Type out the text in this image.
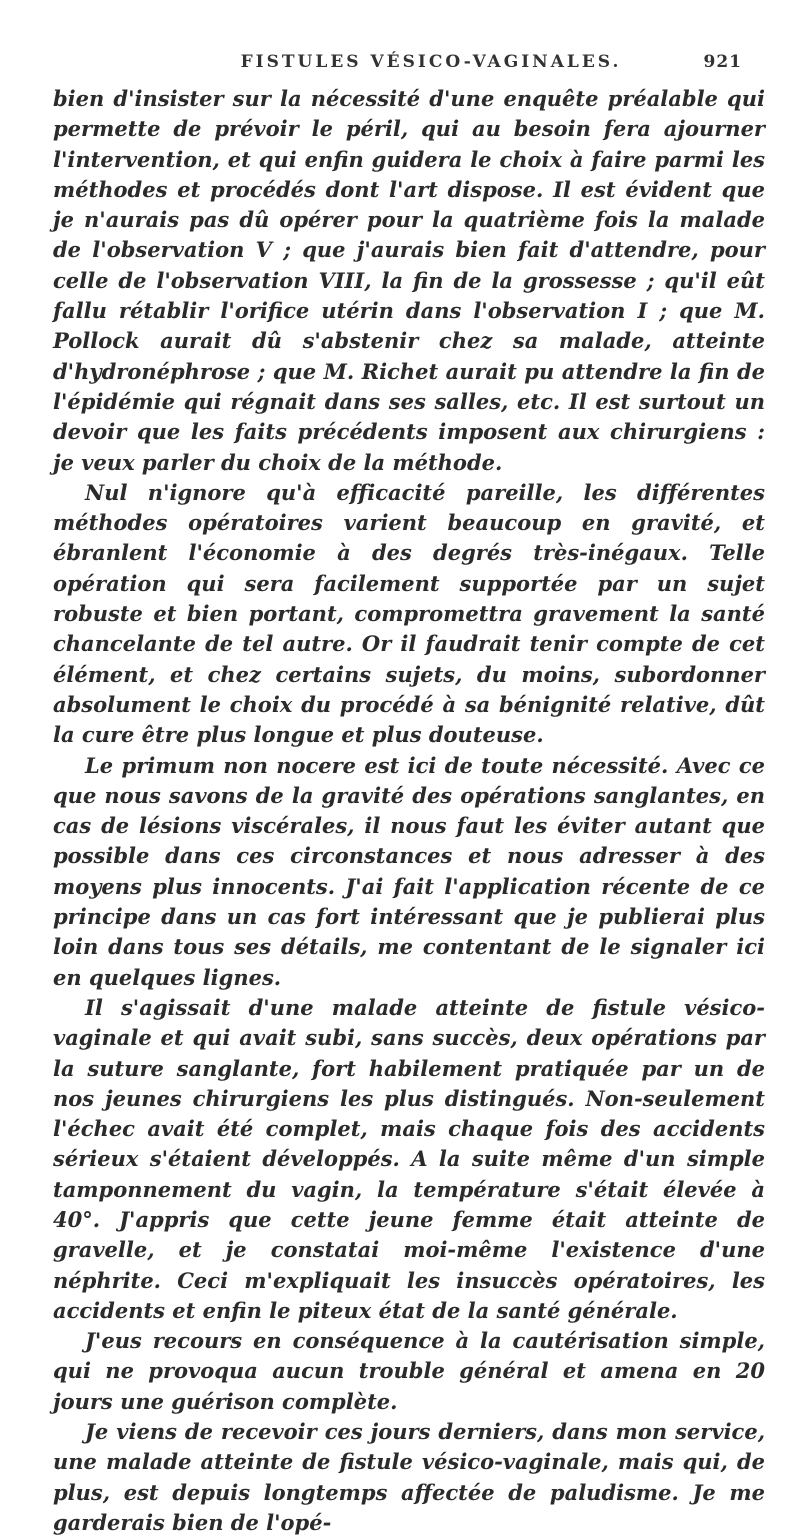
FISTULES VÉSICO-VAGINALES.	921

bien d'insister sur la nécessité d'une enquête préalable qui permette de prévoir le péril, qui au besoin fera ajourner l'intervention, et qui enfin guidera le choix à faire parmi les méthodes et procédés dont l'art dispose. Il est évident que je n'aurais pas dû opérer pour la quatrième fois la malade de l'observation V ; que j'aurais bien fait d'attendre, pour celle de l'observation VIII, la fin de la grossesse ; qu'il eût fallu rétablir l'orifice utérin dans l'observation I ; que M. Pollock aurait dû s'abstenir chez sa malade, atteinte d'hydronéphrose ; que M. Richet aurait pu attendre la fin de l'épidémie qui régnait dans ses salles, etc. Il est surtout un devoir que les faits précédents imposent aux chirurgiens : je veux parler du choix de la méthode.

Nul n'ignore qu'à efficacité pareille, les différentes méthodes opératoires varient beaucoup en gravité, et ébranlent l'économie à des degrés très-inégaux. Telle opération qui sera facilement supportée par un sujet robuste et bien portant, compromettra gravement la santé chancelante de tel autre. Or il faudrait tenir compte de cet élément, et chez certains sujets, du moins, subordonner absolument le choix du procédé à sa bénignité relative, dût la cure être plus longue et plus douteuse.

Le primum non nocere est ici de toute nécessité. Avec ce que nous savons de la gravité des opérations sanglantes, en cas de lésions viscérales, il nous faut les éviter autant que possible dans ces circonstances et nous adresser à des moyens plus innocents. J'ai fait l'application récente de ce principe dans un cas fort intéressant que je publierai plus loin dans tous ses détails, me contentant de le signaler ici en quelques lignes.

Il s'agissait d'une malade atteinte de fistule vésico-vaginale et qui avait subi, sans succès, deux opérations par la suture sanglante, fort habilement pratiquée par un de nos jeunes chirurgiens les plus distingués. Non-seulement l'échec avait été complet, mais chaque fois des accidents sérieux s'étaient développés. A la suite même d'un simple tamponnement du vagin, la température s'était élevée à 40°. J'appris que cette jeune femme était atteinte de gravelle, et je constatai moi-même l'existence d'une néphrite. Ceci m'expliquait les insuccès opératoires, les accidents et enfin le piteux état de la santé générale.

J'eus recours en conséquence à la cautérisation simple, qui ne provoqua aucun trouble général et amena en 20 jours une guérison complète.

Je viens de recevoir ces jours derniers, dans mon service, une malade atteinte de fistule vésico-vaginale, mais qui, de plus, est depuis longtemps affectée de paludisme. Je me garderais bien de l'opé-
